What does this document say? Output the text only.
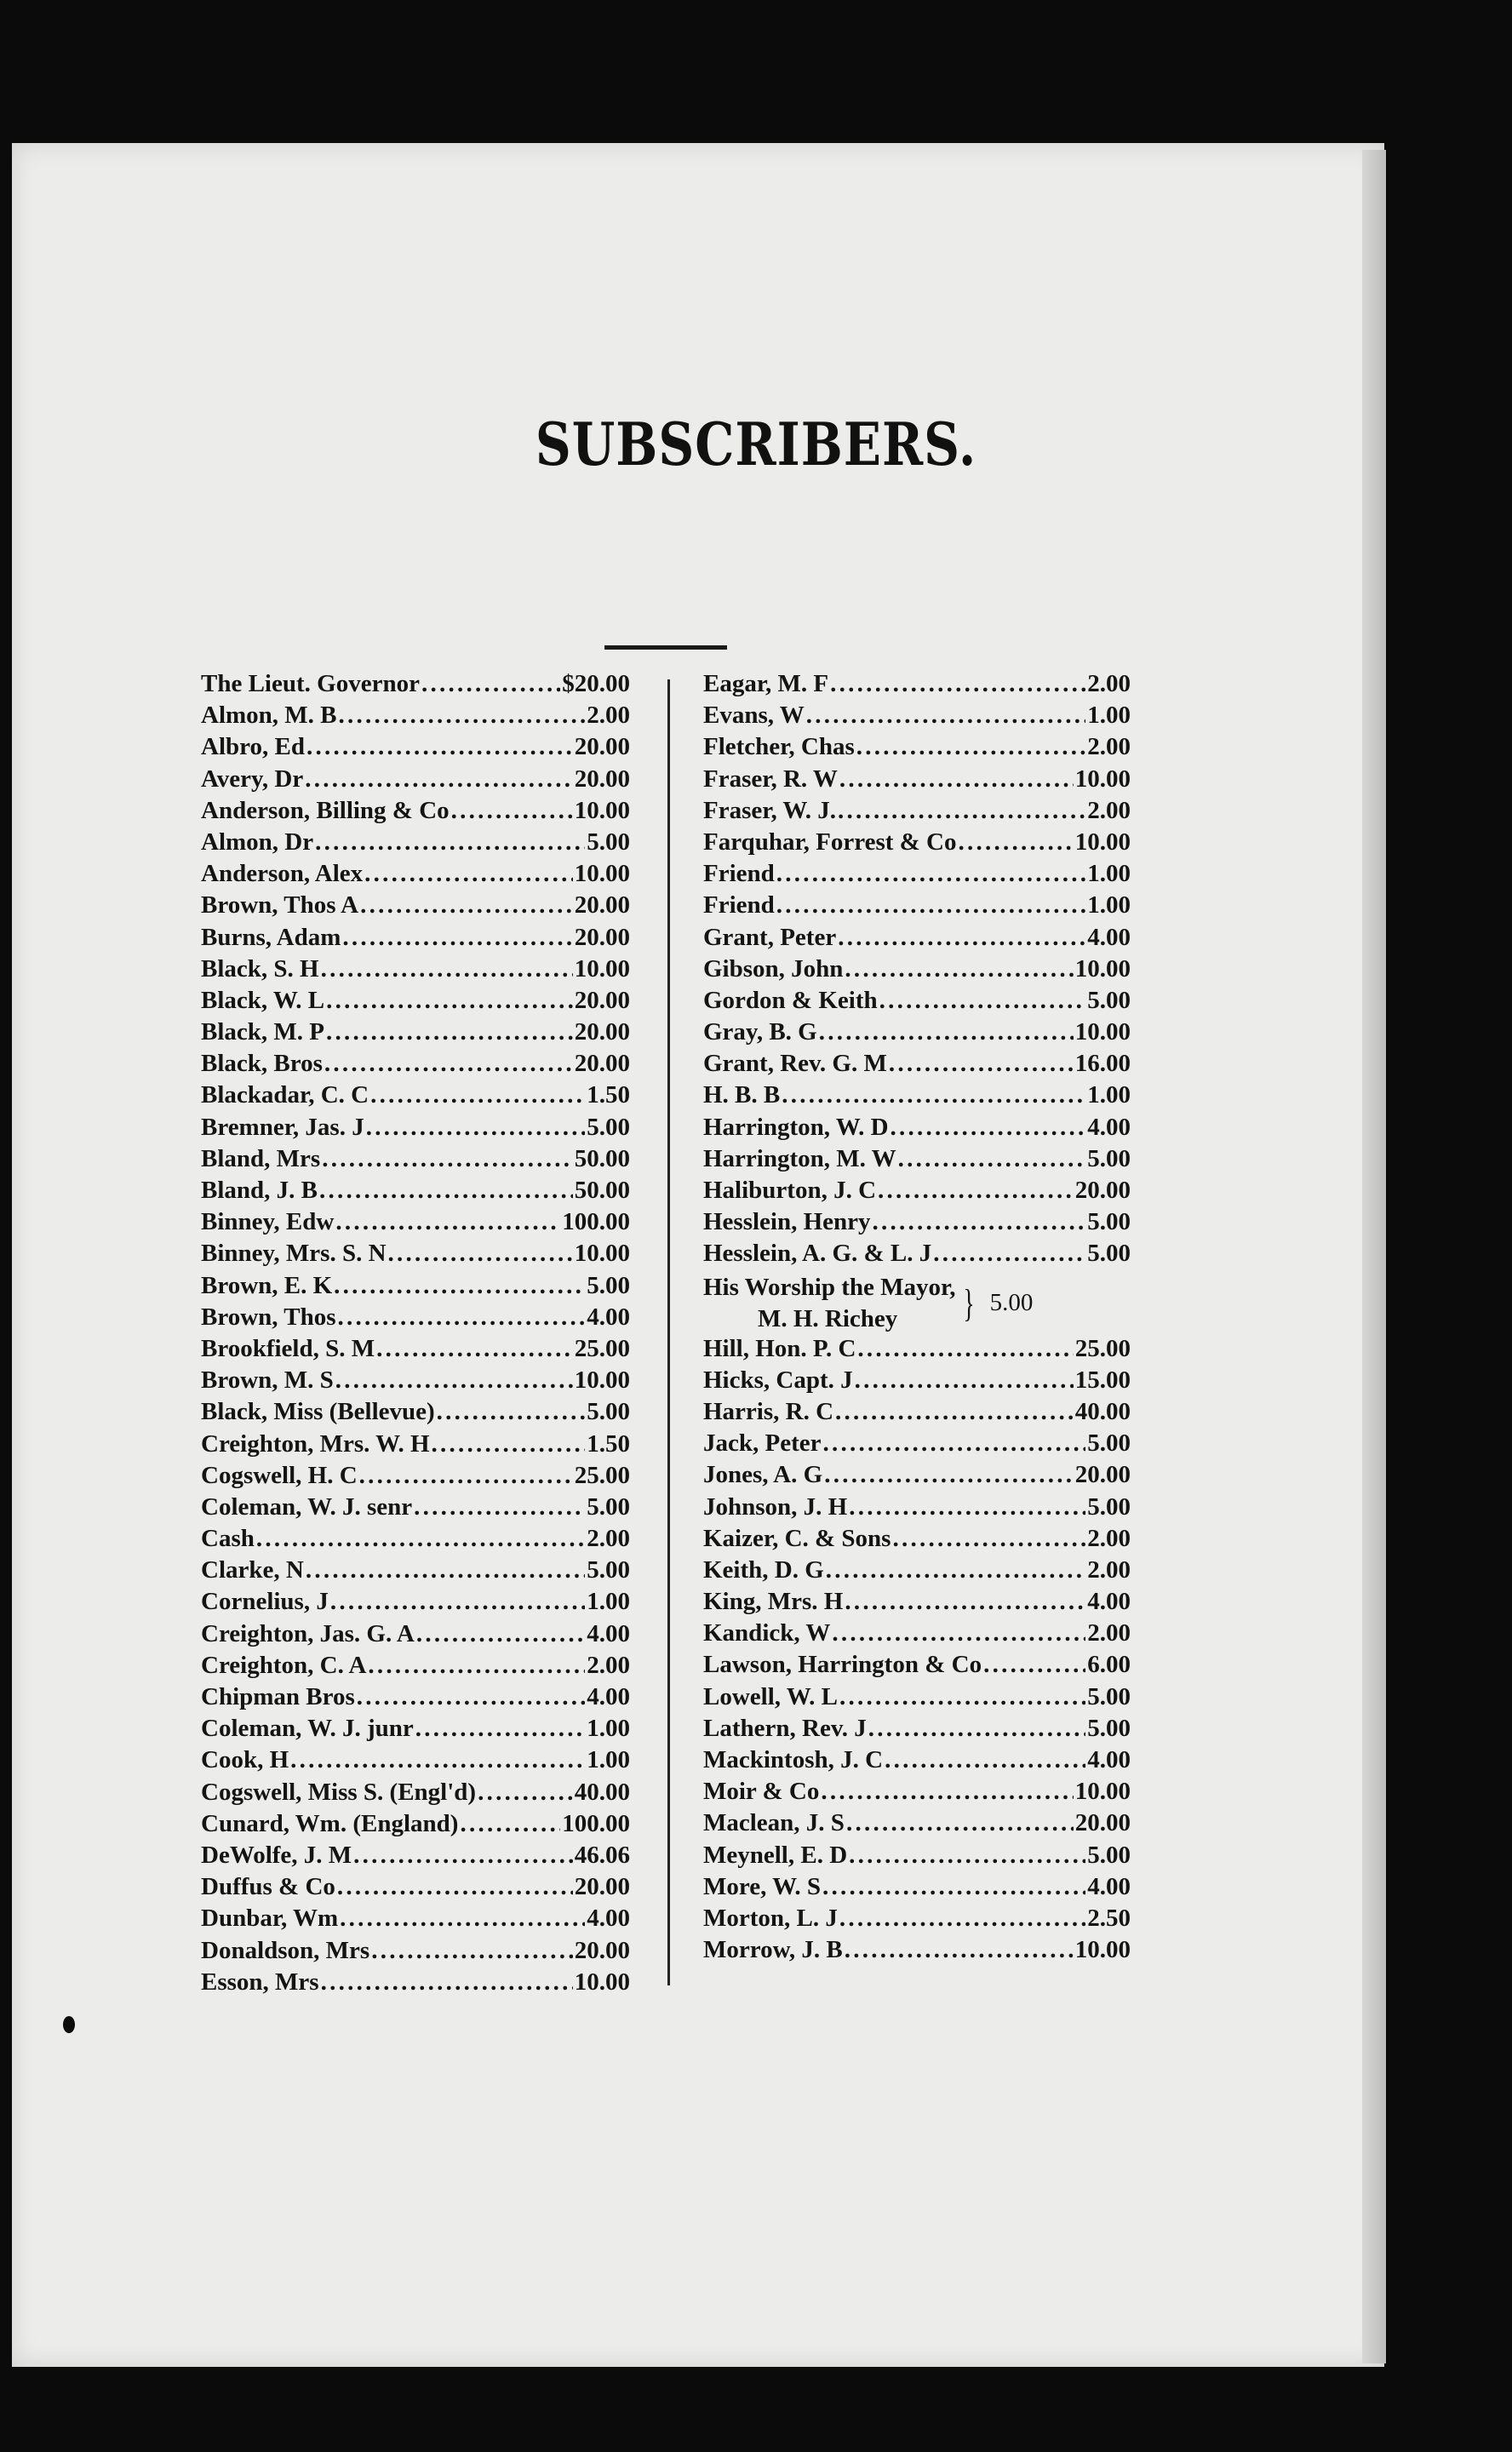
SUBSCRIBERS.
The Lieut. Governor . . .	$20.00
Almon, M. B . . .	2.00
Albro, Ed . . .	20.00
Avery, Dr . . .	20.00
Anderson, Billing & Co . . .	10.00
Almon, Dr . . .	5.00
Anderson, Alex . . .	10.00
Brown, Thos A . . .	20.00
Burns, Adam . . .	20.00
Black, S. H . . .	10.00
Black, W. L . . .	20.00
Black, M. P . . .	20.00
Black, Bros . . .	20.00
Blackadar, C. C . . .	1.50
Bremner, Jas. J . . .	5.00
Bland, Mrs . . .	50.00
Bland, J. B . . .	50.00
Binney, Edw . . .	100.00
Binney, Mrs. S. N . . .	10.00
Brown, E. K . . .	5.00
Brown, Thos . . .	4.00
Brookfield, S. M . . .	25.00
Brown, M. S . . .	10.00
Black, Miss (Bellevue) . . .	5.00
Creighton, Mrs. W. H . . .	1.50
Cogswell, H. C . . .	25.00
Coleman, W. J. senr . . .	5.00
Cash . . .	2.00
Clarke, N . . .	5.00
Cornelius, J . . .	1.00
Creighton, Jas. G. A . . .	4.00
Creighton, C. A . . .	2.00
Chipman Bros . . .	4.00
Coleman, W. J. junr . . .	1.00
Cook, H . . .	1.00
Cogswell, Miss S. (Engl'd) . . .	40.00
Cunard, Wm. (England) . . .	100.00
DeWolfe, J. M . . .	46.06
Duffus & Co . . .	20.00
Dunbar, Wm . . .	4.00
Donaldson, Mrs . . .	20.00
Esson, Mrs . . .	10.00
Eagar, M. F . . .	2.00
Evans, W . . .	1.00
Fletcher, Chas . . .	2.00
Fraser, R. W . . .	10.00
Fraser, W. J. . . .	2.00
Farquhar, Forrest & Co . . .	10.00
Friend . . .	1.00
Friend . . .	1.00
Grant, Peter . . .	4.00
Gibson, John . . .	10.00
Gordon & Keith . . .	5.00
Gray, B. G . . .	10.00
Grant, Rev. G. M . . .	16.00
H. B. B . . .	1.00
Harrington, W. D . . .	4.00
Harrington, M. W . . .	5.00
Haliburton, J. C . . .	20.00
Hesslein, Henry . . .	5.00
Hesslein, A. G. & L. J . . .	5.00
His Worship the Mayor,
M. H. Richey	} 5.00
Hill, Hon. P. C . . .	25.00
Hicks, Capt. J . . .	15.00
Harris, R. C . . .	40.00
Jack, Peter . . .	5.00
Jones, A. G . . .	20.00
Johnson, J. H . . .	5.00
Kaizer, C. & Sons . . .	2.00
Keith, D. G . . .	2.00
King, Mrs. H . . .	4.00
Kandick, W . . .	2.00
Lawson, Harrington & Co . . .	6.00
Lowell, W. L . . .	5.00
Lathern, Rev. J . . .	5.00
Mackintosh, J. C . . .	4.00
Moir & Co . . .	10.00
Maclean, J. S . . .	20.00
Meynell, E. D . . .	5.00
More, W. S . . .	4.00
Morton, L. J . . .	2.50
Morrow, J. B . . .	10.00
